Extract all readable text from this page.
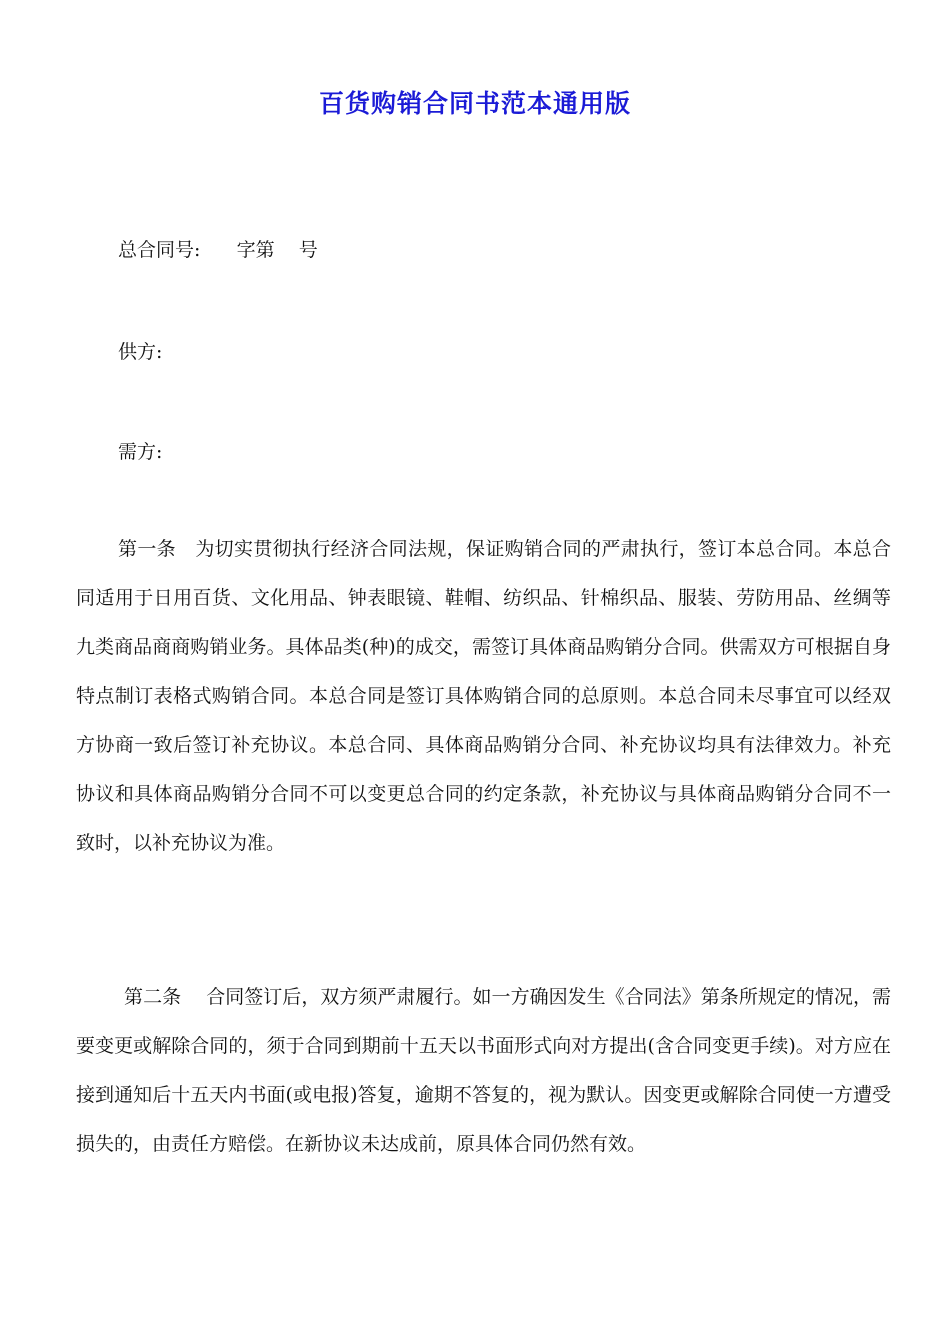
百货购销合同书范本通用版
总合同号:      字第    号
供方:
需方:

第一条　为切实贯彻执行经济合同法规，保证购销合同的严肃执行，签订本总合同。本总合同适用于日用百货、文化用品、钟表眼镜、鞋帽、纺织品、针棉织品、服装、劳防用品、丝绸等九类商品商商购销业务。具体品类(种)的成交，需签订具体商品购销分合同。供需双方可根据自身特点制订表格式购销合同。本总合同是签订具体购销合同的总原则。本总合同未尽事宜可以经双方协商一致后签订补充协议。本总合同、具体商品购销分合同、补充协议均具有法律效力。补充协议和具体商品购销分合同不可以变更总合同的约定条款，补充协议与具体商品购销分合同不一致时，以补充协议为准。

第二条　 合同签订后，双方须严肃履行。如一方确因发生《合同法》第条所规定的情况，需要变更或解除合同的，须于合同到期前十五天以书面形式向对方提出(含合同变更手续)。对方应在接到通知后十五天内书面(或电报)答复，逾期不答复的，视为默认。因变更或解除合同使一方遭受损失的，由责任方赔偿。在新协议未达成前，原具体合同仍然有效。
